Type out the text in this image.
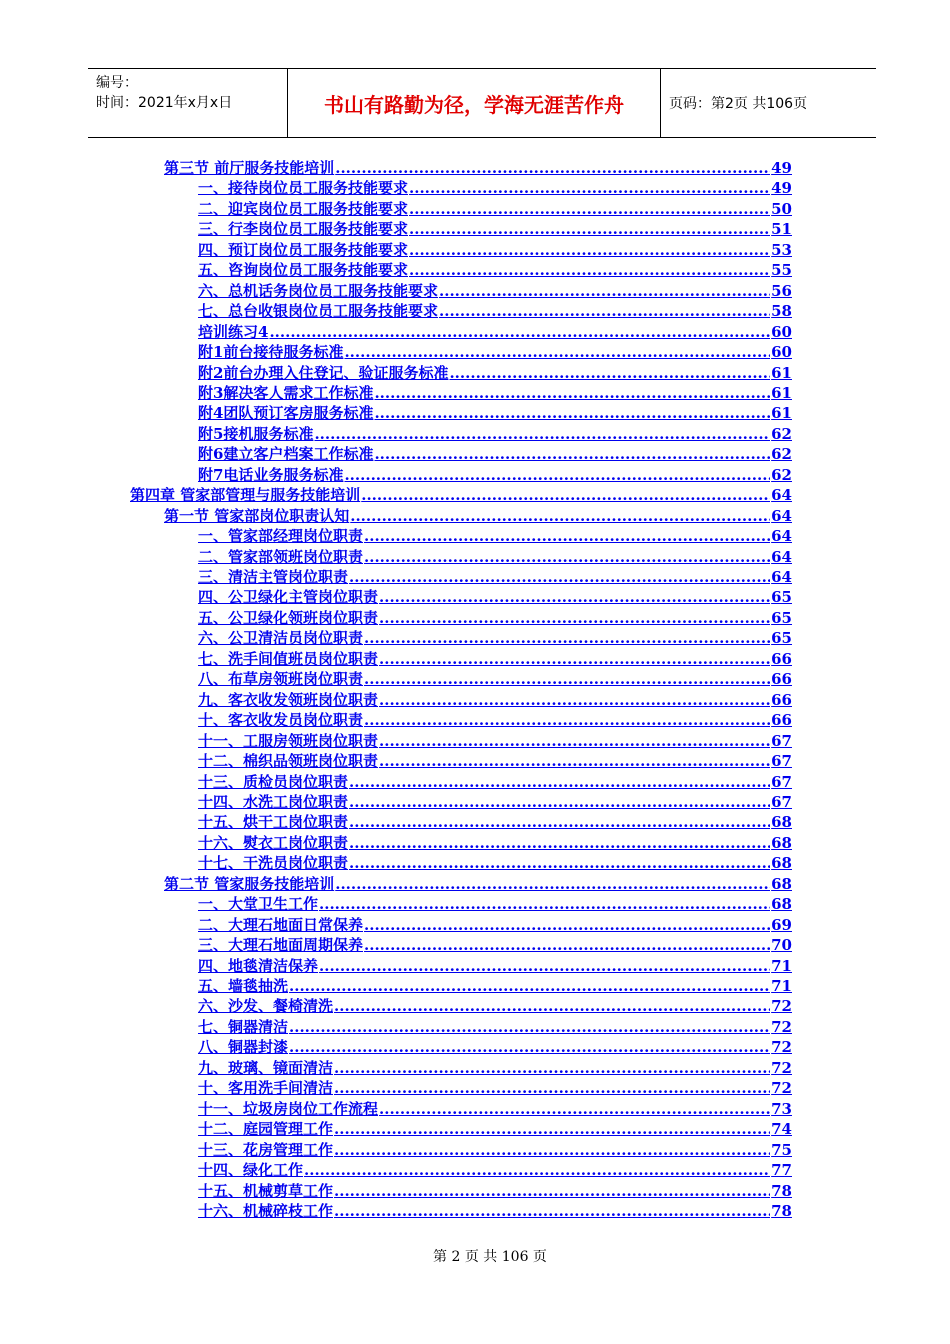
编号：
时间：2021年x月x日	书山有路勤为径，学海无涯苦作舟	页码：第2页 共106页
第三节 前厅服务技能培训 .....	49
一、接待岗位员工服务技能要求 .....	49
二、迎宾岗位员工服务技能要求 .....	50
三、行李岗位员工服务技能要求 .....	51
四、预订岗位员工服务技能要求 .....	53
五、咨询岗位员工服务技能要求 .....	55
六、总机话务岗位员工服务技能要求 .....	56
七、总台收银岗位员工服务技能要求 .....	58
培训练习4 .....	60
附1前台接待服务标准 .....	60
附2前台办理入住登记、验证服务标准 .....	61
附3解决客人需求工作标准 .....	61
附4团队预订客房服务标准 .....	61
附5接机服务标准 .....	62
附6建立客户档案工作标准 .....	62
附7电话业务服务标准 .....	62
第四章 管家部管理与服务技能培训 .....	64
第一节 管家部岗位职责认知 .....	64
一、管家部经理岗位职责 .....	64
二、管家部领班岗位职责 .....	64
三、清洁主管岗位职责 .....	64
四、公卫绿化主管岗位职责 .....	65
五、公卫绿化领班岗位职责 .....	65
六、公卫清洁员岗位职责 .....	65
七、洗手间值班员岗位职责 .....	66
八、布草房领班岗位职责 .....	66
九、客衣收发领班岗位职责 .....	66
十、客衣收发员岗位职责 .....	66
十一、工服房领班岗位职责 .....	67
十二、棉织品领班岗位职责 .....	67
十三、质检员岗位职责 .....	67
十四、水洗工岗位职责 .....	67
十五、烘干工岗位职责 .....	68
十六、熨衣工岗位职责 .....	68
十七、干洗员岗位职责 .....	68
第二节 管家服务技能培训 .....	68
一、大堂卫生工作 .....	68
二、大理石地面日常保养 .....	69
三、大理石地面周期保养 .....	70
四、地毯清洁保养 .....	71
五、墙毯抽洗 .....	71
六、沙发、餐椅清洗 .....	72
七、铜器清洁 .....	72
八、铜器封漆 .....	72
九、玻璃、镜面清洁 .....	72
十、客用洗手间清洁 .....	72
十一、垃圾房岗位工作流程 .....	73
十二、庭园管理工作 .....	74
十三、花房管理工作 .....	75
十四、绿化工作 .....	77
十五、机械剪草工作 .....	78
十六、机械碎枝工作 .....	78
第 2 页 共 106 页
